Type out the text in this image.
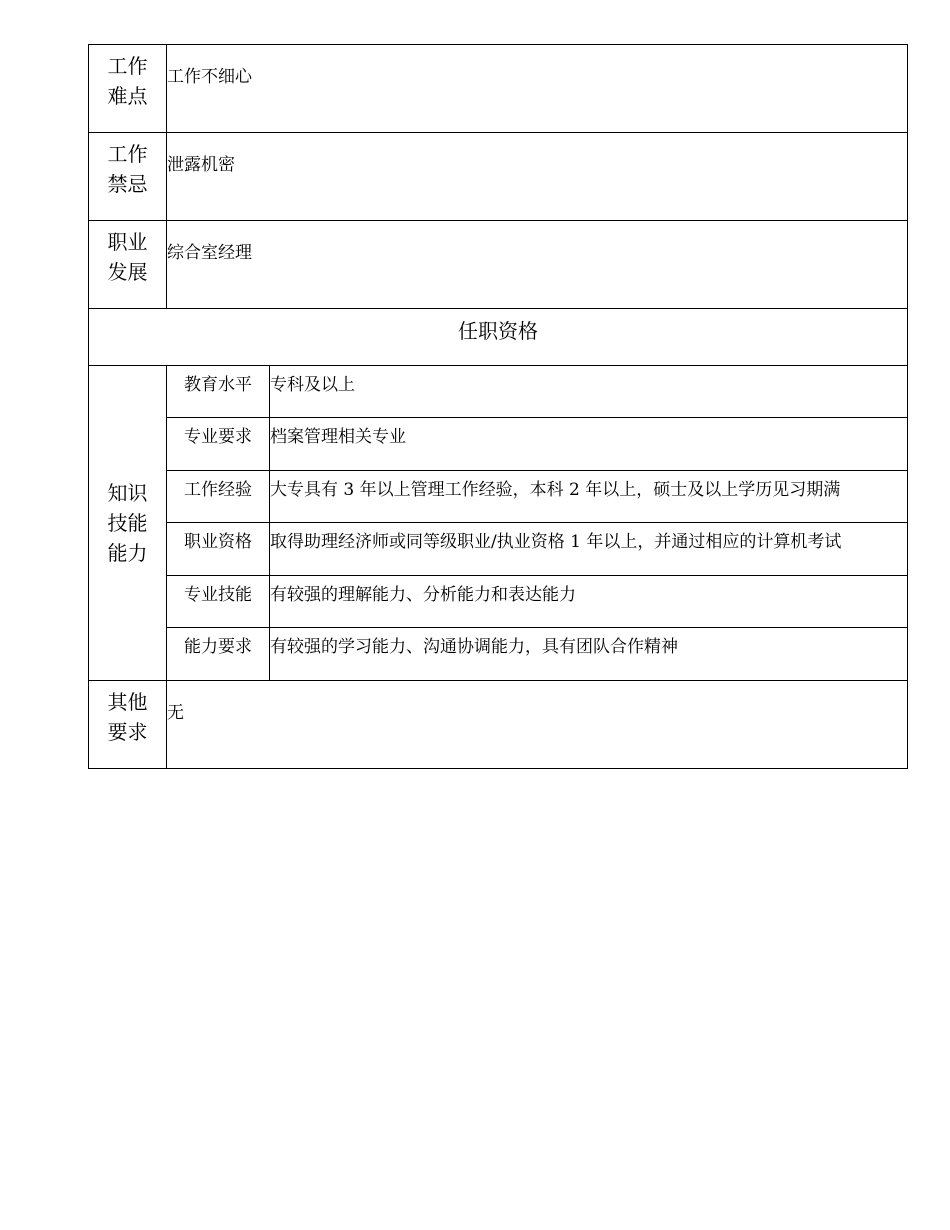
工作难点	工作不细心	

工作禁忌	泄露机密	

职业发展	综合室经理	

任职资格		

知识技能能力	教育水平	专科及以上
	专业要求	档案管理相关专业
	工作经验	大专具有 3 年以上管理工作经验，本科 2 年以上，硕士及以上学历见习期满
	职业资格	取得助理经济师或同等级职业/执业资格 1 年以上，并通过相应的计算机考试
	专业技能	有较强的理解能力、分析能力和表达能力
	能力要求	有较强的学习能力、沟通协调能力，具有团队合作精神

其他要求	无	
